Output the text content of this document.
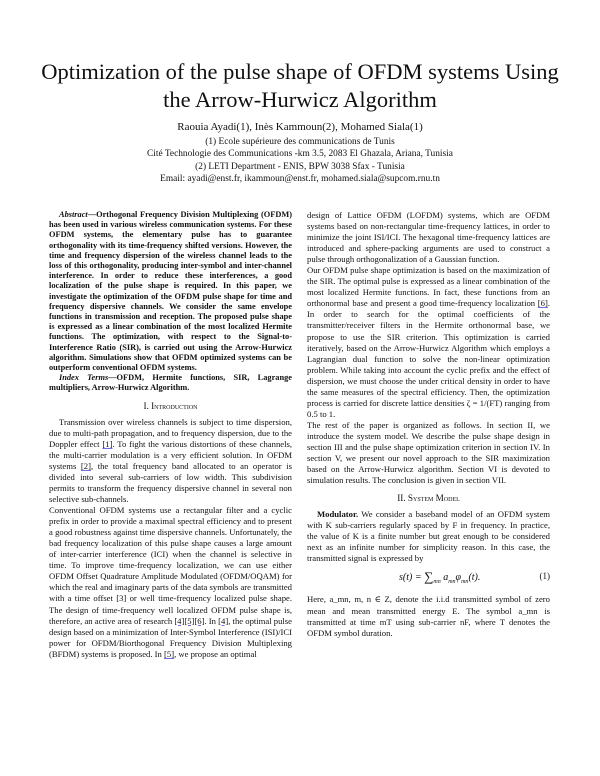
Optimization of the pulse shape of OFDM systems Using the Arrow-Hurwicz Algorithm
Raouia Ayadi(1), Inès Kammoun(2), Mohamed Siala(1)
(1) Ecole supérieure des communications de Tunis
Cité Technologie des Communications -km 3.5, 2083 El Ghazala, Ariana, Tunisia
(2) LETI Department - ENIS, BPW 3038 Sfax - Tunisia
Email: ayadi@enst.fr, ikammoun@enst.fr, mohamed.siala@supcom.rnu.tn

Abstract—Orthogonal Frequency Division Multiplexing (OFDM) has been used in various wireless communication systems. For these OFDM systems, the elementary pulse has to guarantee orthogonality with its time-frequency shifted versions. However, the time and frequency dispersion of the wireless channel leads to the loss of this orthogonality, producing inter-symbol and inter-channel interference. In order to reduce these interferences, a good localization of the pulse shape is required. In this paper, we investigate the optimization of the OFDM pulse shape for time and frequency dispersive channels. We consider the same envelope functions in transmission and reception. The proposed pulse shape is expressed as a linear combination of the most localized Hermite functions. The optimization, with respect to the Signal-to-Interference Ratio (SIR), is carried out using the Arrow-Hurwicz algorithm. Simulations show that OFDM optimized systems can be outperform conventional OFDM systems.

Index Terms—OFDM, Hermite functions, SIR, Lagrange multipliers, Arrow-Hurwicz Algorithm.

I. Introduction

Transmission over wireless channels is subject to time dispersion, due to multi-path propagation, and to frequency dispersion, due to the Doppler effect [1]. To fight the various distortions of these channels, the multi-carrier modulation is a very efficient solution. In OFDM systems [2], the total frequency band allocated to an operator is divided into several sub-carriers of low width. This subdivision permits to transform the frequency dispersive channel in several non selective sub-channels.

Conventional OFDM systems use a rectangular filter and a cyclic prefix in order to provide a maximal spectral efficiency and to present a good robustness against time dispersive channels. Unfortunately, the bad frequency localization of this pulse shape causes a large amount of inter-carrier interference (ICI) when the channel is selective in time. To improve time-frequency localization, we can use either OFDM Offset Quadrature Amplitude Modulated (OFDM/OQAM) for which the real and imaginary parts of the data symbols are transmitted with a time offset [3] or well time-frequency localized pulse shape. The design of time-frequency well localized OFDM pulse shape is, therefore, an active area of research [4][5][6]. In [4], the optimal pulse design based on a minimization of Inter-Symbol Interference (ISI)/ICI power for OFDM/Biorthogonal Frequency Division Multiplexing (BFDM) systems is proposed. In [5], we propose an optimal

design of Lattice OFDM (LOFDM) systems, which are OFDM systems based on non-rectangular time-frequency lattices, in order to minimize the joint ISI/ICI. The hexagonal time-frequency lattices are introduced and sphere-packing arguments are used to construct a pulse through orthogonalization of a Gaussian function.

Our OFDM pulse shape optimization is based on the maximization of the SIR. The optimal pulse is expressed as a linear combination of the most localized Hermite functions. In fact, these functions from an orthonormal base and present a good time-frequency localization [6]. In order to search for the optimal coefficients of the transmitter/receiver filters in the Hermite orthonormal base, we propose to use the SIR criterion. This optimization is carried iteratively, based on the Arrow-Hurwicz Algorithm which employs a Lagrangian dual function to solve the non-linear optimization problem. While taking into account the cyclic prefix and the effect of dispersion, we must choose the under critical density in order to have the same measures of the spectral efficiency. Then, the optimization process is carried for discrete lattice densities ζ = 1/(FT) ranging from 0.5 to 1.

The rest of the paper is organized as follows. In section II, we introduce the system model. We describe the pulse shape design in section III and the pulse shape optimization criterion in section IV. In section V, we present our novel approach to the SIR maximization based on the Arrow-Hurwicz algorithm. Section VI is devoted to simulation results. The conclusion is given in section VII.

II. System Model

Modulator. We consider a baseband model of an OFDM system with K sub-carriers regularly spaced by F in frequency. In practice, the value of K is a finite number but great enough to be considered next as an infinite number for simplicity reason. In this case, the transmitted signal is expressed by

$s(t) = \sum_{mn}$ $a_{mn}\varphi_{mn}(t)$.	(1)

Here, a_mn, m, n ∈ Z, denote the i.i.d transmitted symbol of zero mean and mean transmitted energy E. The symbol a_mn is transmitted at time mT using sub-carrier nF, where T denotes the OFDM symbol duration.
